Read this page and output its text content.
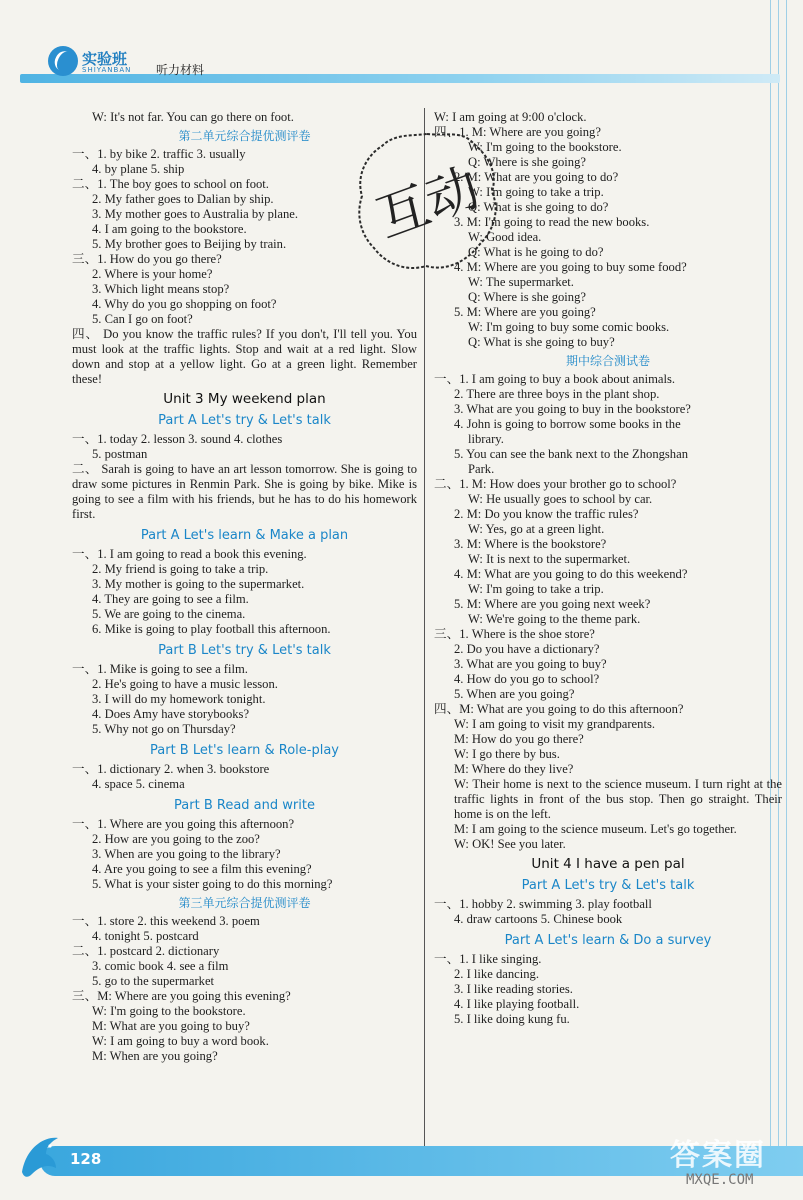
实验班
SHIYANBAN 听力材料
W: It's not far. You can go there on foot.
第二单元综合提优测评卷
一、1. by bike 2. traffic 3. usually
4. by plane 5. ship
二、1. The boy goes to school on foot.
2. My father goes to Dalian by ship.
3. My mother goes to Australia by plane.
4. I am going to the bookstore.
5. My brother goes to Beijing by train.
三、1. How do you go there?
2. Where is your home?
3. Which light means stop?
4. Why do you go shopping on foot?
5. Can I go on foot?
四、 Do you know the traffic rules? If you don't, I'll tell you. You must look at the traffic lights. Stop and wait at a red light. Slow down and stop at a yellow light. Go at a green light. Remember these!
Unit 3 My weekend plan
Part A Let's try & Let's talk
一、1. today 2. lesson 3. sound 4. clothes
5. postman
二、 Sarah is going to have an art lesson tomorrow. She is going to draw some pictures in Renmin Park. She is going by bike. Mike is going to see a film with his friends, but he has to do his homework first.
Part A Let's learn & Make a plan
一、1. I am going to read a book this evening.
2. My friend is going to take a trip.
3. My mother is going to the supermarket.
4. They are going to see a film.
5. We are going to the cinema.
6. Mike is going to play football this afternoon.
Part B Let's try & Let's talk
一、1. Mike is going to see a film.
2. He's going to have a music lesson.
3. I will do my homework tonight.
4. Does Amy have storybooks?
5. Why not go on Thursday?
Part B Let's learn & Role-play
一、1. dictionary 2. when 3. bookstore
4. space 5. cinema
Part B Read and write
一、1. Where are you going this afternoon?
2. How are you going to the zoo?
3. When are you going to the library?
4. Are you going to see a film this evening?
5. What is your sister going to do this morning?
第三单元综合提优测评卷
一、1. store 2. this weekend 3. poem
4. tonight 5. postcard
二、1. postcard 2. dictionary
3. comic book 4. see a film
5. go to the supermarket
三、M: Where are you going this evening?
W: I'm going to the bookstore.
M: What are you going to buy?
W: I am going to buy a word book.
M: When are you going?
W: I am going at 9:00 o'clock.
四、1. M: Where are you going?
W: I'm going to the bookstore.
Q: Where is she going?
2. M: What are you going to do?
W: I'm going to take a trip.
Q: What is she going to do?
3. M: I'm going to read the new books.
W: Good idea.
Q: What is he going to do?
4. M: Where are you going to buy some food?
W: The supermarket.
Q: Where is she going?
5. M: Where are you going?
W: I'm going to buy some comic books.
Q: What is she going to buy?
期中综合测试卷
一、1. I am going to buy a book about animals.
2. There are three boys in the plant shop.
3. What are you going to buy in the bookstore?
4. John is going to borrow some books in the
library.
5. You can see the bank next to the Zhongshan
Park.
二、1. M: How does your brother go to school?
W: He usually goes to school by car.
2. M: Do you know the traffic rules?
W: Yes, go at a green light.
3. M: Where is the bookstore?
W: It is next to the supermarket.
4. M: What are you going to do this weekend?
W: I'm going to take a trip.
5. M: Where are you going next week?
W: We're going to the theme park.
三、1. Where is the shoe store?
2. Do you have a dictionary?
3. What are you going to buy?
4. How do you go to school?
5. When are you going?
四、M: What are you going to do this afternoon?
W: I am going to visit my grandparents.
M: How do you go there?
W: I go there by bus.
M: Where do they live?
W: Their home is next to the science museum. I turn right at the traffic lights in front of the bus stop. Then go straight. Their home is on the left.
M: I am going to the science museum. Let's go together.
W: OK! See you later.
Unit 4 I have a pen pal
Part A Let's try & Let's talk
一、1. hobby 2. swimming 3. play football
4. draw cartoons 5. Chinese book
Part A Let's learn & Do a survey
一、1. I like singing.
2. I like dancing.
3. I like reading stories.
4. I like playing football.
5. I like doing kung fu.
互动
128	答案圈
MXQE.COM
